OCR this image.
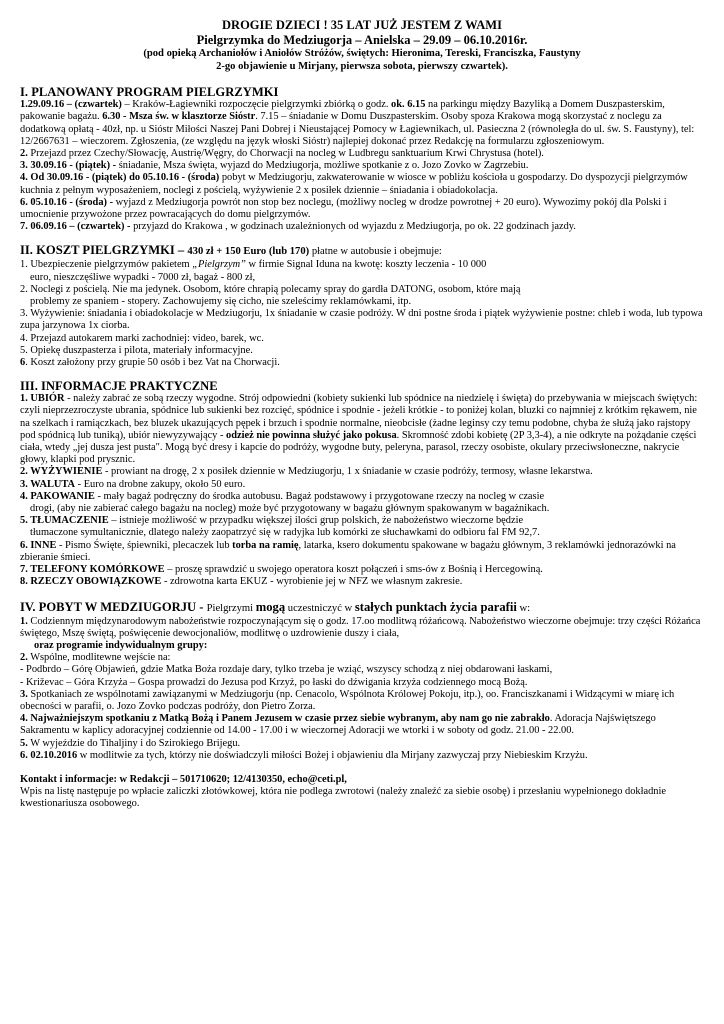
DROGIE DZIECI ! 35 LAT JUŻ JESTEM Z WAMI
Pielgrzymka do Medziugorja – Anielska – 29.09 – 06.10.2016r.
(pod opieką Archaniołów i Aniołów Stróżów, świętych: Hieronima, Tereski, Franciszka, Faustyny
2-go objawienie u Mirjany, pierwsza sobota, pierwszy czwartek).
I. PLANOWANY PROGRAM PIELGRZYMKI

1.29.09.16 – (czwartek) – Kraków-Łagiewniki rozpoczęcie pielgrzymki zbiórką o godz. ok. 6.15 na parkingu między Bazyliką a Domem Duszpasterskim, pakowanie bagażu. 6.30 - Msza św. w klasztorze Sióstr. 7.15 – śniadanie w Domu Duszpasterskim. Osoby spoza Krakowa mogą skorzystać z noclegu za dodatkową opłatą - 40zł, np. u Sióstr Miłości Naszej Pani Dobrej i Nieustającej Pomocy w Łagiewnikach, ul. Pasieczna 2 (równoległa do ul. św. S. Faustyny), tel: 12/2667631 – wieczorem. Zgłoszenia, (ze względu na język włoski Sióstr) najlepiej dokonać przez Redakcję na formularzu zgłoszeniowym.

2. Przejazd przez Czechy/Słowację, Austrię/Węgry, do Chorwacji na nocleg w Ludbregu sanktuarium Krwi Chrystusa (hotel).

3. 30.09.16 - (piątek) - śniadanie, Msza święta, wyjazd do Medziugorja, możliwe spotkanie z o. Jozo Zovko w Zagrzebiu.

4. Od 30.09.16 - (piątek) do 05.10.16 - (środa) pobyt w Medziugorju, zakwaterowanie w wiosce w pobliżu kościoła u gospodarzy. Do dyspozycji pielgrzymów kuchnia z pełnym wyposażeniem, noclegi z pościelą, wyżywienie 2 x posiłek dziennie – śniadania i obiadokolacja.

6. 05.10.16 - (środa) - wyjazd z Medziugorja powrót non stop bez noclegu, (możliwy nocleg w drodze powrotnej + 20 euro). Wywozimy pokój dla Polski i umocnienie przywożone przez powracających do domu pielgrzymów.

7. 06.09.16 – (czwartek) - przyjazd do Krakowa , w godzinach uzależnionych od wyjazdu z Medziugorja, po ok. 22 godzinach jazdy.

II. KOSZT PIELGRZYMKI – 430 zł + 150 Euro (lub 170) płatne w autobusie i obejmuje:

1. Ubezpieczenie pielgrzymów pakietem „Pielgrzym” w firmie Signal Iduna na kwotę: koszty leczenia - 10 000

euro, nieszczęśliwe wypadki - 7000 zł, bagaż - 800 zł,

2. Noclegi z pościelą. Nie ma jedynek. Osobom, które chrapią polecamy spray do gardła DATONG, osobom, które mają

problemy ze spaniem - stopery. Zachowujemy się cicho, nie szeleścimy reklamówkami, itp.

3. Wyżywienie: śniadania i obiadokolacje w Medziugorju, 1x śniadanie w czasie podróży. W dni postne środa i piątek wyżywienie postne: chleb i woda, lub typowa zupa jarzynowa 1x ciorba.

4. Przejazd autokarem marki zachodniej: video, barek, wc.

5. Opiekę duszpasterza i pilota, materiały informacyjne.

6. Koszt założony przy grupie 50 osób i bez Vat na Chorwacji.

III. INFORMACJE PRAKTYCZNE

1. UBIÓR - należy zabrać ze sobą rzeczy wygodne. Strój odpowiedni (kobiety sukienki lub spódnice na niedzielę i święta) do przebywania w miejscach świętych: czyli nieprzezroczyste ubrania, spódnice lub sukienki bez rozcięć, spódnice i spodnie - jeżeli krótkie - to poniżej kolan, bluzki co najmniej z krótkim rękawem, nie na szelkach i ramiączkach, bez bluzek ukazujących pępek i brzuch i spodnie normalne, nieobcisłe (żadne leginsy czy temu podobne, chyba że służą jako rajstopy pod spódnicą lub tuniką), ubiór niewyzywający - odzież nie powinna służyć jako pokusa. Skromność zdobi kobietę (2P 3,3-4), a nie odkryte na pożądanie części ciała, wtedy „jej dusza jest pusta". Mogą być dresy i kapcie do podróży, wygodne buty, peleryna, parasol, rzeczy osobiste, okulary przeciwsłoneczne, nakrycie głowy, klapki pod prysznic.

2. WYŻYWIENIE - prowiant na drogę, 2 x posiłek dziennie w Medziugorju, 1 x śniadanie w czasie podróży, termosy, własne lekarstwa.

3. WALUTA - Euro na drobne zakupy, około 50 euro.

4. PAKOWANIE - mały bagaż podręczny do środka autobusu. Bagaż podstawowy i przygotowane rzeczy na nocleg w czasie

drogi, (aby nie zabierać całego bagażu na nocleg) może być przygotowany w bagażu głównym spakowanym w bagażnikach.

5. TŁUMACZENIE – istnieje możliwość w przypadku większej ilości grup polskich, że nabożeństwo wieczorne będzie

tłumaczone symultanicznie, dlatego należy zaopatrzyć się w radyjka lub komórki ze słuchawkami do odbioru fal FM 92,7.

6. INNE - Pismo Święte, śpiewniki, plecaczek lub torba na ramię, latarka, ksero dokumentu spakowane w bagażu głównym, 3 reklamówki jednorazówki na zbieranie śmieci.

7. TELEFONY KOMÓRKOWE – proszę sprawdzić u swojego operatora koszt połączeń i sms-ów z Bośnią i Hercegowiną.

8. RZECZY OBOWIĄZKOWE - zdrowotna karta EKUZ - wyrobienie jej w NFZ we własnym zakresie.

IV. POBYT W MEDZIUGORJU - Pielgrzymi mogą uczestniczyć w stałych punktach życia parafii w:

1. Codziennym międzynarodowym nabożeństwie rozpoczynającym się o godz. 17.oo modlitwą różańcową. Nabożeństwo wieczorne obejmuje: trzy części Różańca świętego, Mszę świętą, poświęcenie dewocjonaliów, modlitwę o uzdrowienie duszy i ciała,

oraz programie indywidualnym grupy:

2. Wspólne, modlitewne wejście na:

- Podbrdo – Górę Objawień, gdzie Matka Boża rozdaje dary, tylko trzeba je wziąć, wszyscy schodzą z niej obdarowani łaskami,

- Križevac – Góra Krzyża – Gospa prowadzi do Jezusa pod Krzyż, po łaski do dźwigania krzyża codziennego mocą Bożą.

3. Spotkaniach ze wspólnotami zawiązanymi w Medziugorju (np. Cenacolo, Wspólnota Królowej Pokoju, itp.), oo. Franciszkanami i Widzącymi w miarę ich obecności w parafii, o. Jozo Zovko podczas podróży, don Pietro Zorza.

4. Najważniejszym spotkaniu z Matką Bożą i Panem Jezusem w czasie przez siebie wybranym, aby nam go nie zabrakło. Adoracja Najświętszego Sakramentu w kaplicy adoracyjnej codziennie od 14.00 - 17.00 i w wieczornej Adoracji we wtorki i w soboty od godz. 21.00 - 22.00.

5. W wyjeździe do Tihaljiny i do Szirokiego Brijegu.

6. 02.10.2016 w modlitwie za tych, którzy nie doświadczyli miłości Bożej i objawieniu dla Mirjany zazwyczaj przy Niebieskim Krzyżu.

Kontakt i informacje: w Redakcji – 501710620; 12/4130350, echo@ceti.pl,

Wpis na listę następuje po wpłacie zaliczki złotówkowej, która nie podlega zwrotowi (należy znaleźć za siebie osobę) i przesłaniu wypełnionego dokładnie kwestionariusza osobowego.
